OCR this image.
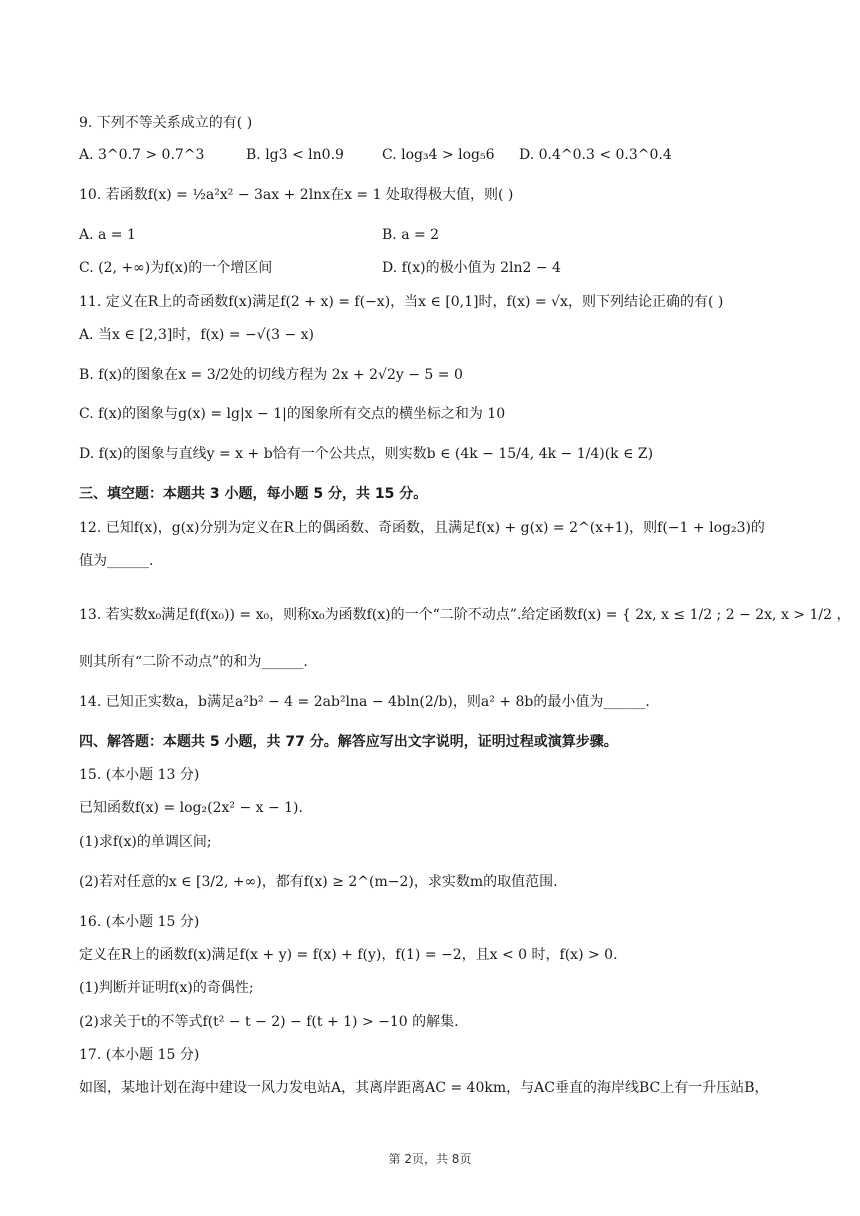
9. 下列不等关系成立的有( )
A. 3^0.7 > 0.7^3	B. lg3 < ln0.9	C. log₃4 > log₅6 D. 0.4^0.3 < 0.3^0.4
10. 若函数f(x) = ½a²x² − 3ax + 2lnx在x = 1 处取得极大值，则( )
A. a = 1	B. a = 2
C. (2, +∞)为f(x)的一个增区间	D. f(x)的极小值为 2ln2 − 4
11. 定义在R上的奇函数f(x)满足f(2 + x) = f(−x)，当x ∈ [0,1]时，f(x) = √x，则下列结论正确的有( )
A. 当x ∈ [2,3]时，f(x) = −√(3 − x)
B. f(x)的图象在x = 3/2处的切线方程为 2x + 2√2y − 5 = 0
C. f(x)的图象与g(x) = lg|x − 1|的图象所有交点的横坐标之和为 10
D. f(x)的图象与直线y = x + b恰有一个公共点，则实数b ∈ (4k − 15/4, 4k − 1/4)(k ∈ Z)
三、填空题：本题共 3 小题，每小题 5 分，共 15 分。
12. 已知f(x)，g(x)分别为定义在R上的偶函数、奇函数，且满足f(x) + g(x) = 2^(x+1)，则f(−1 + log₂3)的
值为______.
13. 若实数x₀满足f(f(x₀)) = x₀，则称x₀为函数f(x)的一个“二阶不动点”.给定函数f(x) = { 2x, x ≤ 1/2 ; 2 − 2x, x > 1/2 ，
则其所有“二阶不动点”的和为______.
14. 已知正实数a，b满足a²b² − 4 = 2ab²lna − 4bln(2/b)，则a² + 8b的最小值为______.
四、解答题：本题共 5 小题，共 77 分。解答应写出文字说明，证明过程或演算步骤。
15. (本小题 13 分)
已知函数f(x) = log₂(2x² − x − 1).
(1)求f(x)的单调区间;
(2)若对任意的x ∈ [3/2, +∞)，都有f(x) ≥ 2^(m−2)，求实数m的取值范围.
16. (本小题 15 分)
定义在R上的函数f(x)满足f(x + y) = f(x) + f(y)，f(1) = −2，且x < 0 时，f(x) > 0.
(1)判断并证明f(x)的奇偶性;
(2)求关于t的不等式f(t² − t − 2) − f(t + 1) > −10 的解集.
17. (本小题 15 分)
如图，某地计划在海中建设一风力发电站A，其离岸距离AC = 40km，与AC垂直的海岸线BC上有一升压站B，
第 2页，共 8页
